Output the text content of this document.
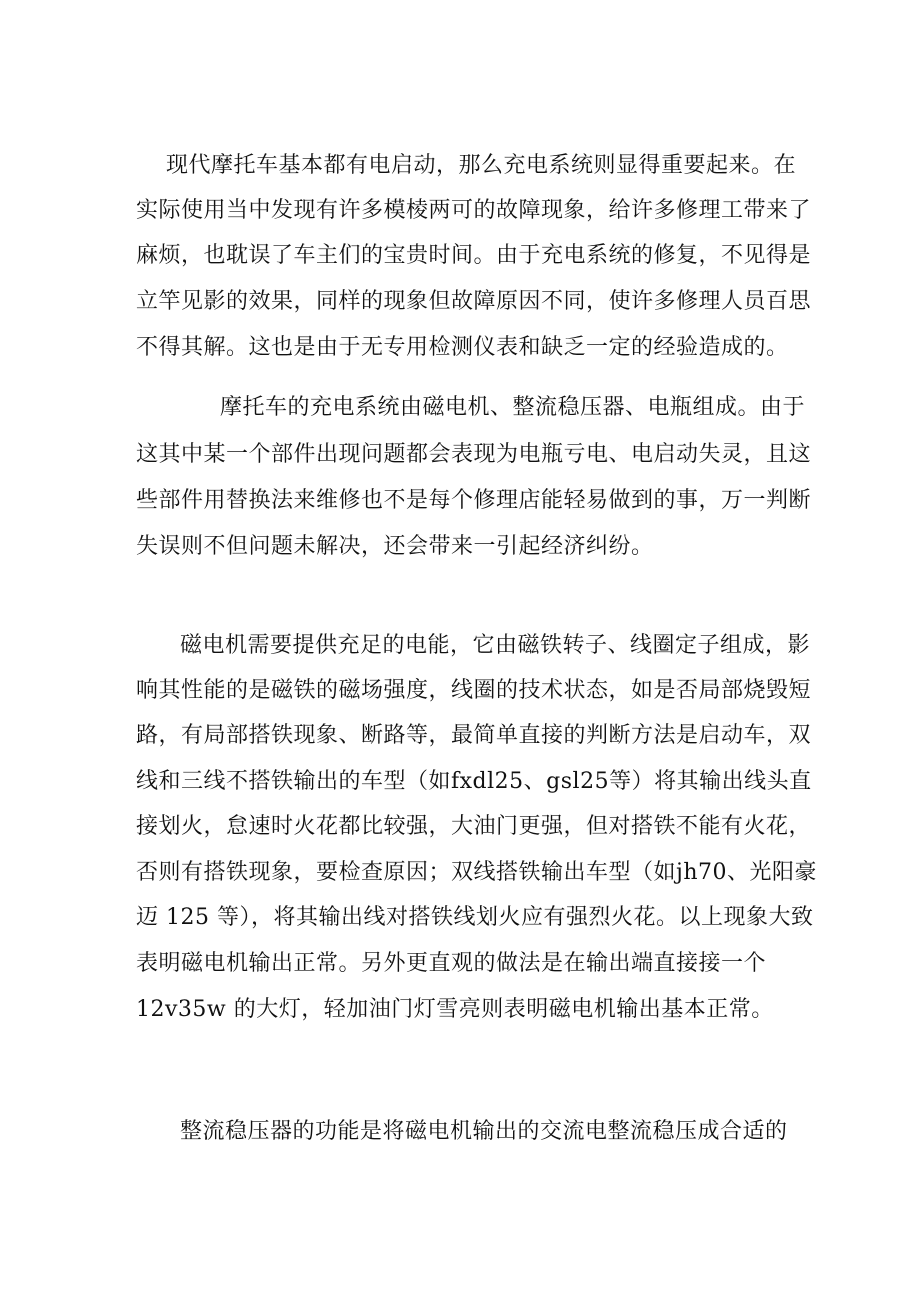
现代摩托车基本都有电启动，那么充电系统则显得重要起来。在
实际使用当中发现有许多模棱两可的故障现象，给许多修理工带来了
麻烦，也耽误了车主们的宝贵时间。由于充电系统的修复，不见得是
立竿见影的效果，同样的现象但故障原因不同，使许多修理人员百思
不得其解。这也是由于无专用检测仪表和缺乏一定的经验造成的。
摩托车的充电系统由磁电机、整流稳压器、电瓶组成。由于
这其中某一个部件出现问题都会表现为电瓶亏电、电启动失灵，且这
些部件用替换法来维修也不是每个修理店能轻易做到的事，万一判断
失误则不但问题未解决，还会带来一引起经济纠纷。
磁电机需要提供充足的电能，它由磁铁转子、线圈定子组成，影
响其性能的是磁铁的磁场强度，线圈的技术状态，如是否局部烧毁短
路，有局部搭铁现象、断路等，最简单直接的判断方法是启动车，双
线和三线不搭铁输出的车型（如fxdl25、gsl25等）将其输出线头直
接划火，怠速时火花都比较强，大油门更强，但对搭铁不能有火花，
否则有搭铁现象，要检查原因；双线搭铁输出车型（如jh70、光阳豪
迈 125 等），将其输出线对搭铁线划火应有强烈火花。以上现象大致
表明磁电机输出正常。另外更直观的做法是在输出端直接接一个
12v35w 的大灯，轻加油门灯雪亮则表明磁电机输出基本正常。
整流稳压器的功能是将磁电机输出的交流电整流稳压成合适的
